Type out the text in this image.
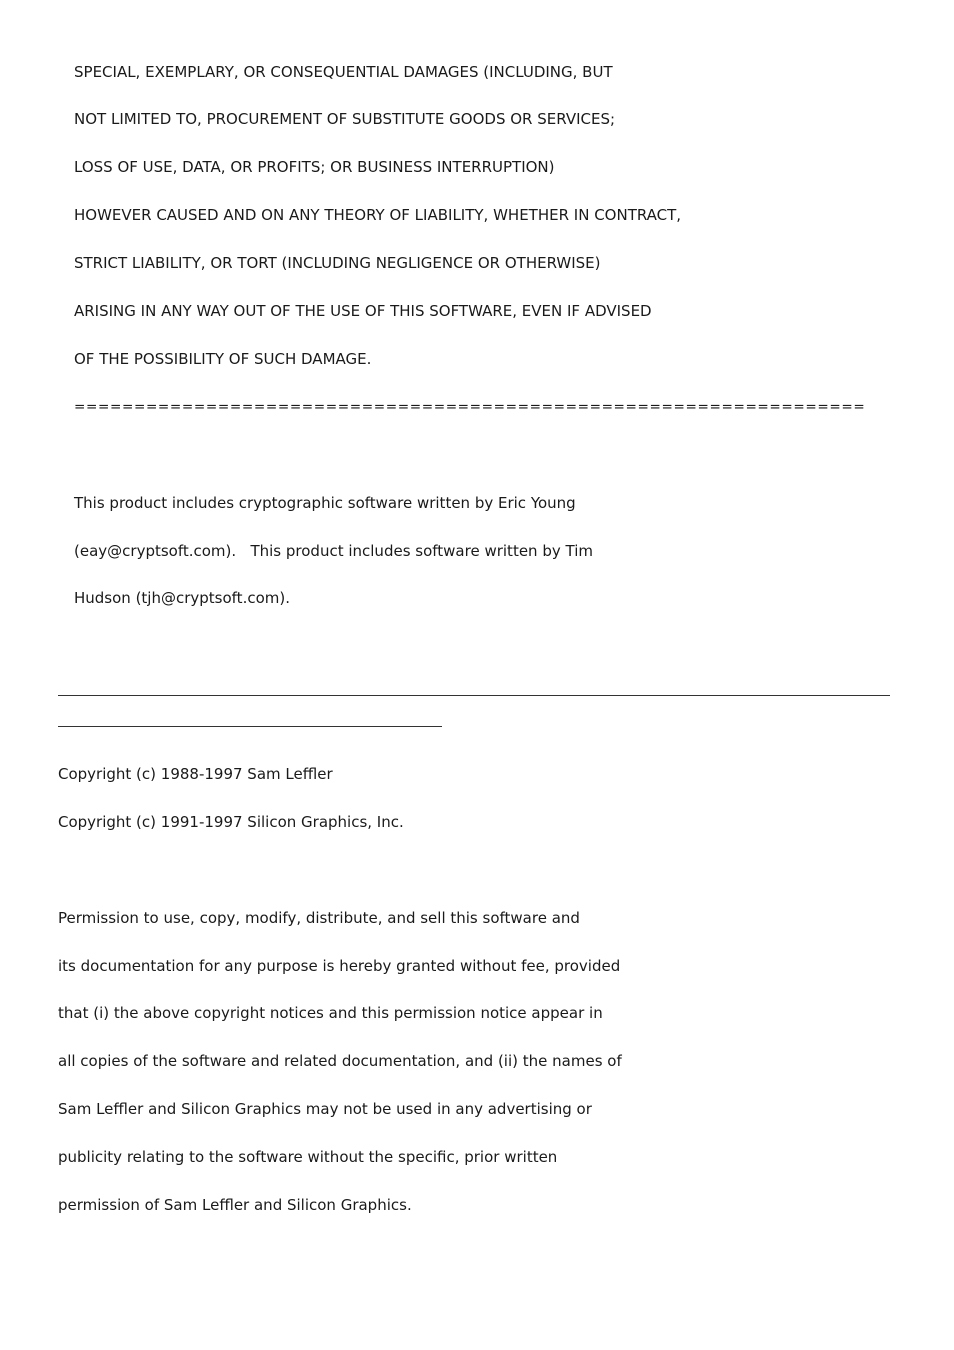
SPECIAL, EXEMPLARY, OR CONSEQUENTIAL DAMAGES (INCLUDING, BUT
NOT LIMITED TO, PROCUREMENT OF SUBSTITUTE GOODS OR SERVICES;
LOSS OF USE, DATA, OR PROFITS; OR BUSINESS INTERRUPTION)
HOWEVER CAUSED AND ON ANY THEORY OF LIABILITY, WHETHER IN CONTRACT,
STRICT LIABILITY, OR TORT (INCLUDING NEGLIGENCE OR OTHERWISE)
ARISING IN ANY WAY OUT OF THE USE OF THIS SOFTWARE, EVEN IF ADVISED
OF THE POSSIBILITY OF SUCH DAMAGE.
==================================================================
This product includes cryptographic software written by Eric Young
(eay@cryptsoft.com).   This product includes software written by Tim
Hudson (tjh@cryptsoft.com).
Copyright (c) 1988-1997 Sam Leffler
Copyright (c) 1991-1997 Silicon Graphics, Inc.
Permission to use, copy, modify, distribute, and sell this software and
its documentation for any purpose is hereby granted without fee, provided
that (i) the above copyright notices and this permission notice appear in
all copies of the software and related documentation, and (ii) the names of
Sam Leffler and Silicon Graphics may not be used in any advertising or
publicity relating to the software without the specific, prior written
permission of Sam Leffler and Silicon Graphics.
